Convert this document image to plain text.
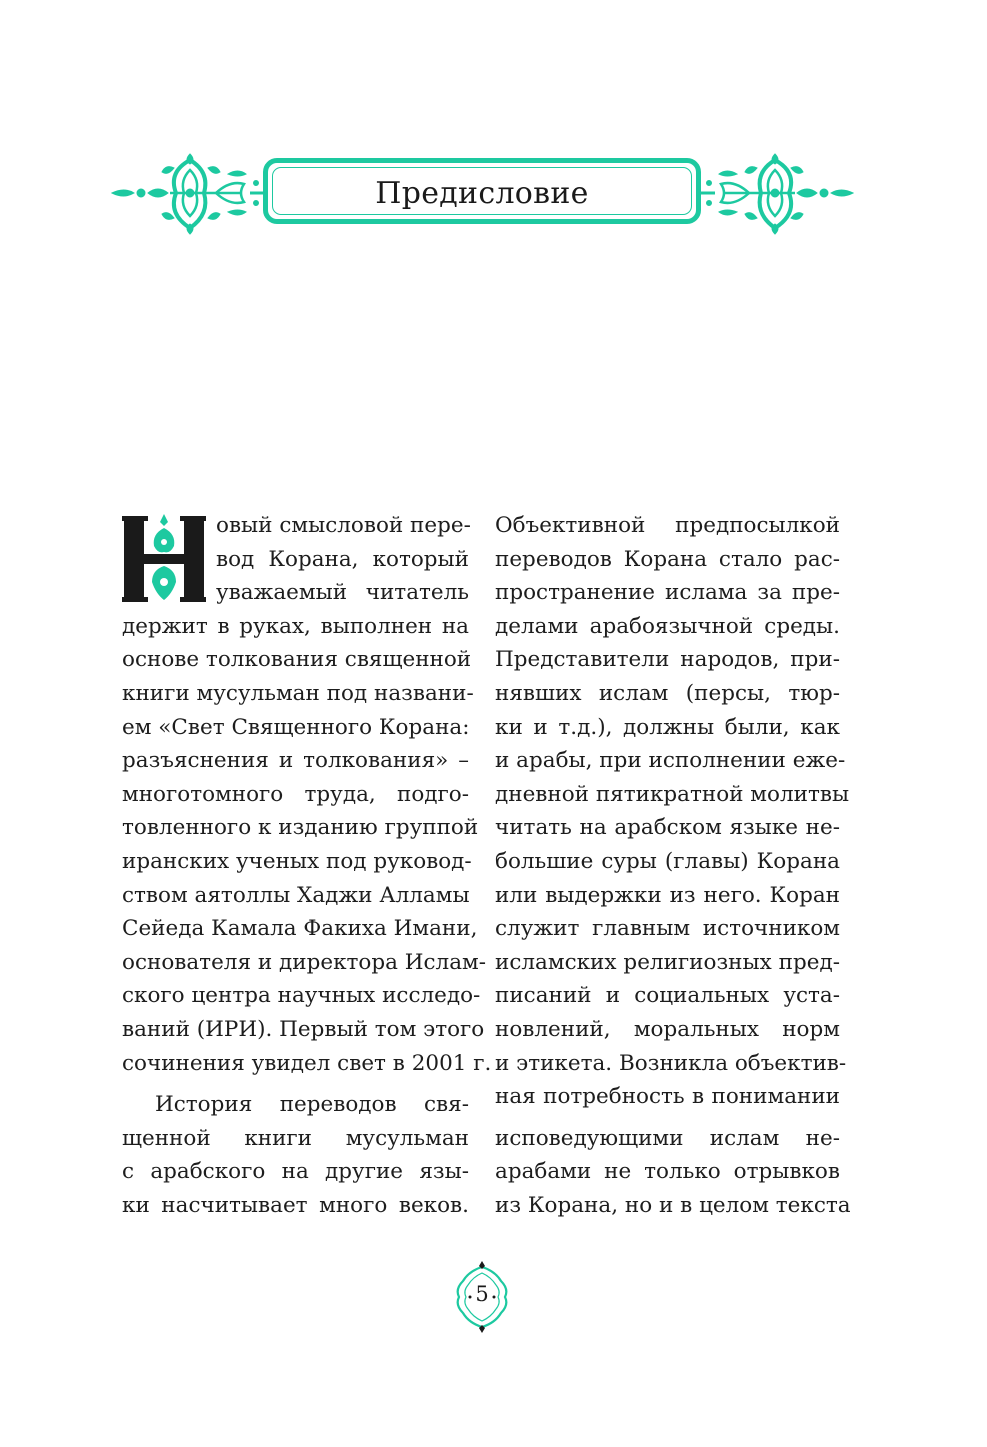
Предисловие
овый смысловой пере-
вод Корана, который
уважаемый читатель
держит в руках, выполнен на
основе толкования священной
книги мусульман под названи-
ем «Свет Священного Корана:
разъяснения и толкования» –
многотомного труда, подго-
товленного к изданию группой
иранских ученых под руковод-
ством аятоллы Хаджи Алламы
Сейеда Камала Факиха Имани,
основателя и директора Ислам-
ского центра научных исследо-
ваний (ИРИ). Первый том этого
сочинения увидел свет в 2001 г.
История переводов свя-
щенной книги мусульман
с арабского на другие язы-
ки насчитывает много веков.
Объективной предпосылкой
переводов Корана стало рас-
пространение ислама за пре-
делами арабоязычной среды.
Представители народов, при-
нявших ислам (персы, тюр-
ки и т.д.), должны были, как
и арабы, при исполнении еже-
дневной пятикратной молитвы
читать на арабском языке не-
большие суры (главы) Корана
или выдержки из него. Коран
служит главным источником
исламских религиозных пред-
писаний и социальных уста-
новлений, моральных норм
и этикета. Возникла объектив-
ная потребность в понимании
исповедующими ислам не-
арабами не только отрывков
из Корана, но и в целом текста
5
